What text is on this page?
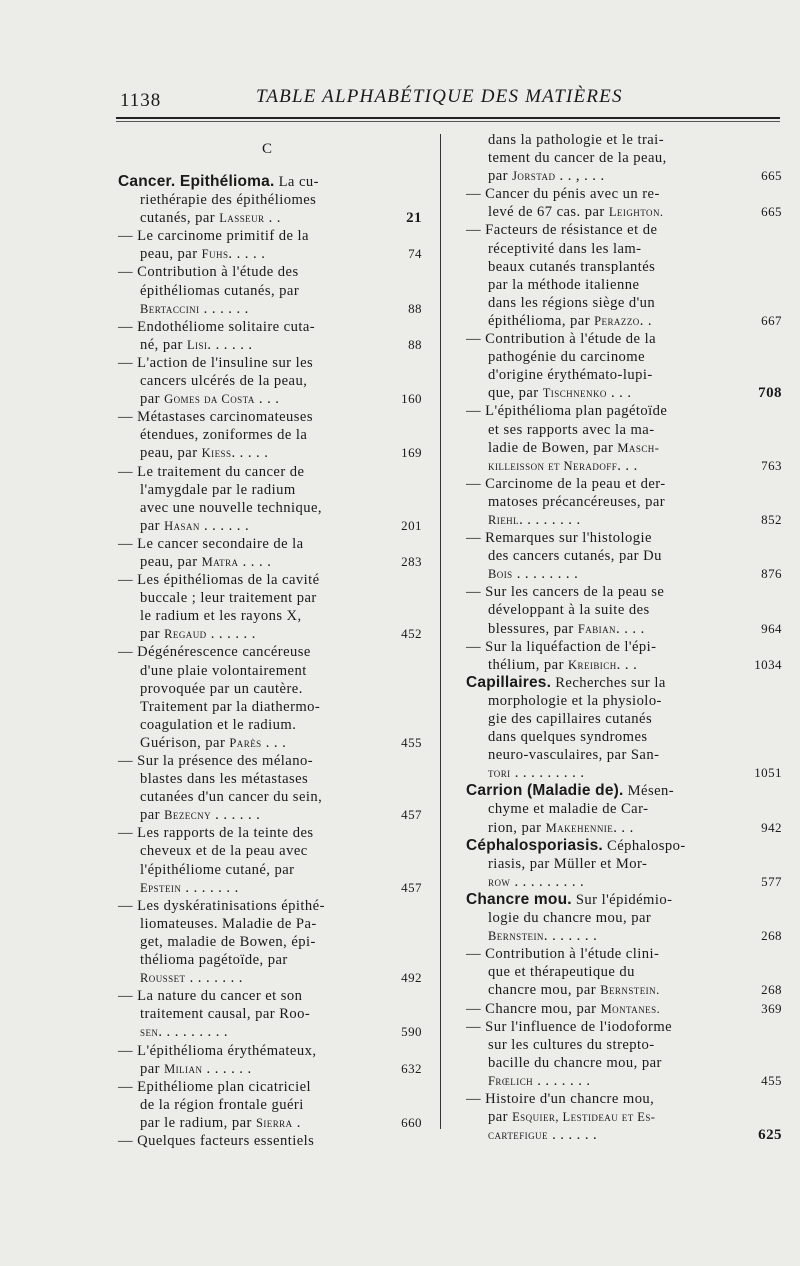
1138	TABLE ALPHABÉTIQUE DES MATIÈRES
C
Cancer. Epithélioma. La cu-
riethérapie des épithéliomes
cutanés, par Lasseur . .	21
— Le carcinome primitif de la
peau, par Fuhs. . . . .	74
— Contribution à l'étude des
épithéliomas cutanés, par
Bertaccini . . . . . .	88
— Endothéliome solitaire cuta-
né, par Lisi. . . . . .	88
— L'action de l'insuline sur les
cancers ulcérés de la peau,
par Gomes da Costa . . .	160
— Métastases carcinomateuses
étendues, zoniformes de la
peau, par Kiess. . . . .	169
— Le traitement du cancer de
l'amygdale par le radium
avec une nouvelle technique,
par Hasan . . . . . .	201
— Le cancer secondaire de la
peau, par Matra . . . .	283
— Les épithéliomas de la cavité
buccale ; leur traitement par
le radium et les rayons X,
par Regaud . . . . . .	452
— Dégénérescence cancéreuse
d'une plaie volontairement
provoquée par un cautère.
Traitement par la diathermo-
coagulation et le radium.
Guérison, par Parès . . .	455
— Sur la présence des mélano-
blastes dans les métastases
cutanées d'un cancer du sein,
par Bezecny . . . . . .	457
— Les rapports de la teinte des
cheveux et de la peau avec
l'épithéliome cutané, par
Epstein . . . . . . .	457
— Les dyskératinisations épithé-
liomateuses. Maladie de Pa-
get, maladie de Bowen, épi-
thélioma pagétoïde, par
Rousset . . . . . . .	492
— La nature du cancer et son
traitement causal, par Roo-
sen. . . . . . . . .	590
— L'épithélioma érythémateux,
par Milian . . . . . .	632
— Epithéliome plan cicatriciel
de la région frontale guéri
par le radium, par Sierra .	660
— Quelques facteurs essentiels
dans la pathologie et le trai-
tement du cancer de la peau,
par Jorstad . . , . . .	665
— Cancer du pénis avec un re-
levé de 67 cas. par Leighton.	665
— Facteurs de résistance et de
réceptivité dans les lam-
beaux cutanés transplantés
par la méthode italienne
dans les régions siège d'un
épithélioma, par Perazzo. .	667
— Contribution à l'étude de la
pathogénie du carcinome
d'origine érythémato-lupi-
que, par Tischnenko . . .	708
— L'épithélioma plan pagétoïde
et ses rapports avec la ma-
ladie de Bowen, par Masch-
killeisson et Neradoff. . .	763
— Carcinome de la peau et der-
matoses précancéreuses, par
Riehl. . . . . . . .	852
— Remarques sur l'histologie
des cancers cutanés, par Du
Bois . . . . . . . .	876
— Sur les cancers de la peau se
développant à la suite des
blessures, par Fabian. . . .	964
— Sur la liquéfaction de l'épi-
thélium, par Kreibich. . .	1034
Capillaires. Recherches sur la
morphologie et la physiolo-
gie des capillaires cutanés
dans quelques syndromes
neuro-vasculaires, par San-
tori . . . . . . . . .	1051
Carrion (Maladie de). Mésen-
chyme et maladie de Car-
rion, par Makehennie. . .	942
Céphalosporiasis. Céphalospo-
riasis, par Müller et Mor-
row . . . . . . . . .	577
Chancre mou. Sur l'épidémio-
logie du chancre mou, par
Bernstein. . . . . . .	268
— Contribution à l'étude clini-
que et thérapeutique du
chancre mou, par Bernstein.	268
— Chancre mou, par Montanes.	369
— Sur l'influence de l'iodoforme
sur les cultures du strepto-
bacille du chancre mou, par
Frœlich . . . . . . .	455
— Histoire d'un chancre mou,
par Esquier, Lestideau et Es-
cartefigue . . . . . .	625
